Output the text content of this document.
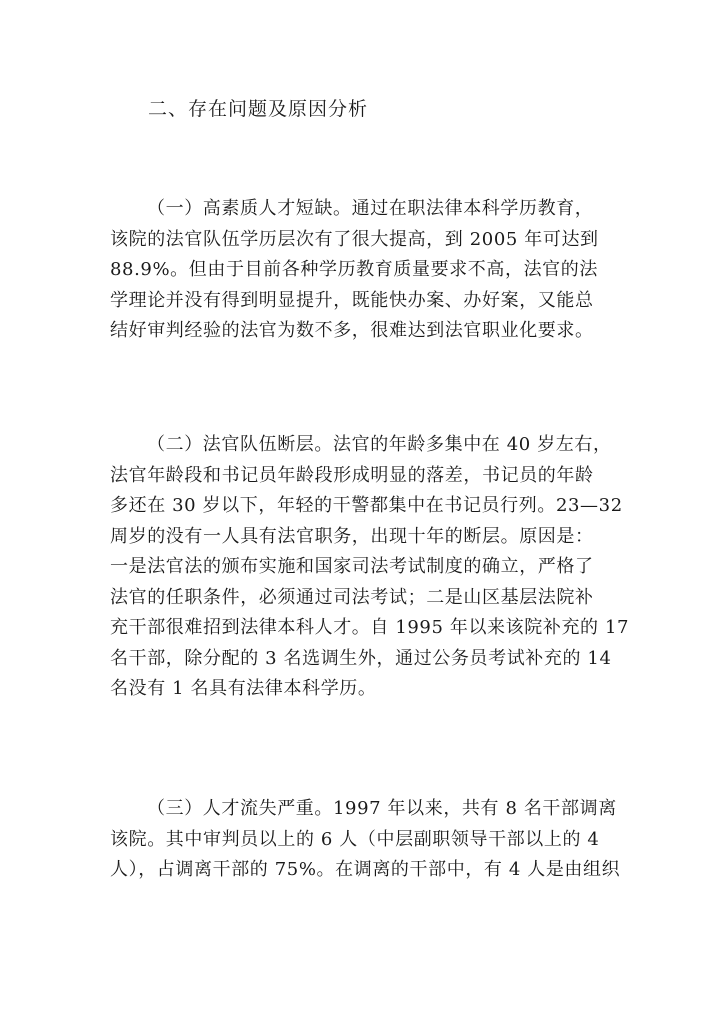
二、存在问题及原因分析
（一）高素质人才短缺。通过在职法律本科学历教育，
该院的法官队伍学历层次有了很大提高，到 2005 年可达到
88.9%。但由于目前各种学历教育质量要求不高，法官的法
学理论并没有得到明显提升，既能快办案、办好案，又能总
结好审判经验的法官为数不多，很难达到法官职业化要求。
（二）法官队伍断层。法官的年龄多集中在 40 岁左右，
法官年龄段和书记员年龄段形成明显的落差，书记员的年龄
多还在 30 岁以下，年轻的干警都集中在书记员行列。23—32
周岁的没有一人具有法官职务，出现十年的断层。原因是：
一是法官法的颁布实施和国家司法考试制度的确立，严格了
法官的任职条件，必须通过司法考试；二是山区基层法院补
充干部很难招到法律本科人才。自 1995 年以来该院补充的 17
名干部，除分配的 3 名选调生外，通过公务员考试补充的 14
名没有 1 名具有法律本科学历。
（三）人才流失严重。1997 年以来，共有 8 名干部调离
该院。其中审判员以上的 6 人（中层副职领导干部以上的 4
人），占调离干部的 75%。在调离的干部中，有 4 人是由组织
